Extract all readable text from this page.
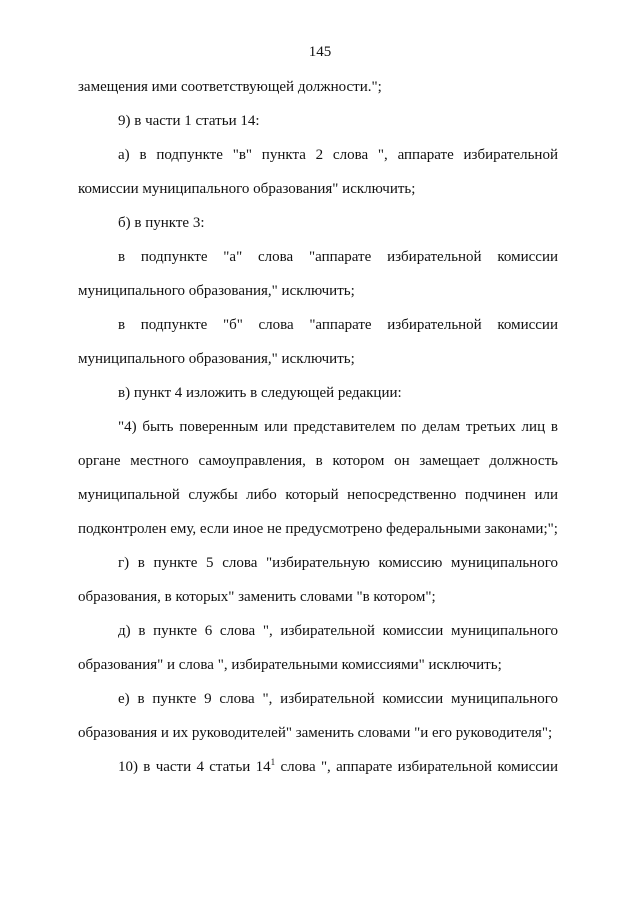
145

замещения ими соответствующей должности.";

9) в части 1 статьи 14:

а) в подпункте "в" пункта 2 слова ", аппарате избирательной комиссии муниципального образования" исключить;

б) в пункте 3:

в подпункте "а" слова "аппарате избирательной комиссии муниципального образования," исключить;

в подпункте "б" слова "аппарате избирательной комиссии муниципального образования," исключить;

в) пункт 4 изложить в следующей редакции:

"4) быть поверенным или представителем по делам третьих лиц в органе местного самоуправления, в котором он замещает должность муниципальной службы либо который непосредственно подчинен или подконтролен ему, если иное не предусмотрено федеральными законами;";

г) в пункте 5 слова "избирательную комиссию муниципального образования, в которых" заменить словами "в котором";

д) в пункте 6 слова ", избирательной комиссии муниципального образования" и слова ", избирательными комиссиями" исключить;

е) в пункте 9 слова ", избирательной комиссии муниципального образования и их руководителей" заменить словами "и его руководителя";

10) в части 4 статьи $14^1$ слова ", аппарате избирательной комиссии
